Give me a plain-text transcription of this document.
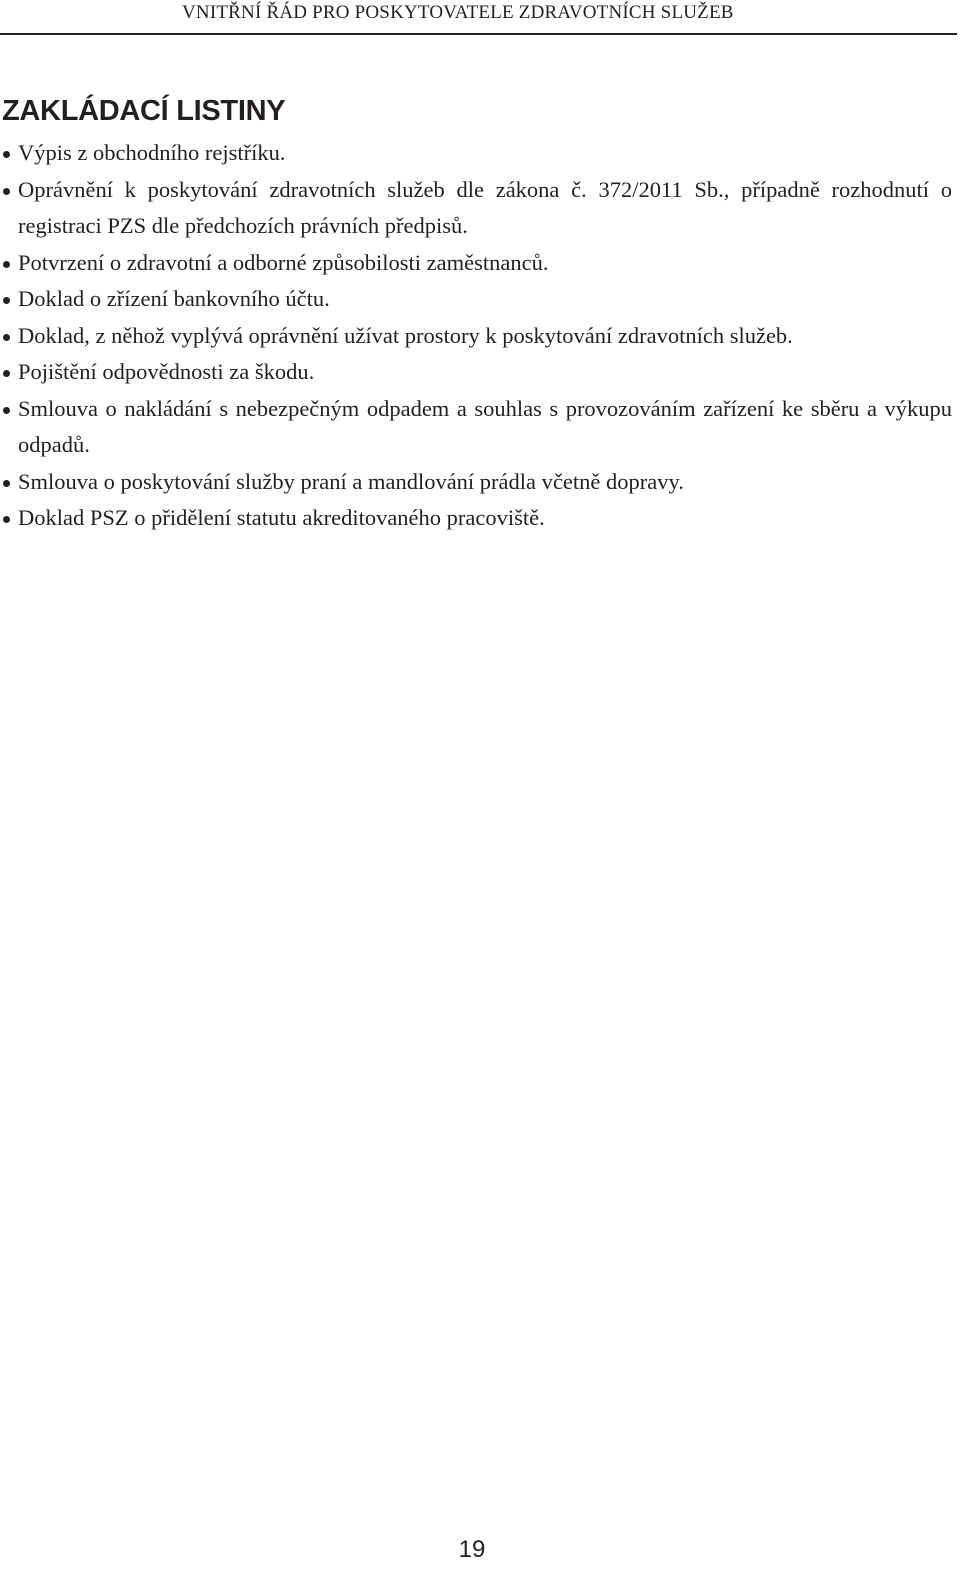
VNITŘNÍ ŘÁD PRO POSKYTOVATELE ZDRAVOTNÍCH SLUŽEB
ZAKLÁDACÍ LISTINY
Výpis z obchodního rejstříku.
Oprávnění k poskytování zdravotních služeb dle zákona č. 372/2011 Sb., případně rozhodnutí o registraci PZS dle předchozích právních předpisů.
Potvrzení o zdravotní a odborné způsobilosti zaměstnanců.
Doklad o zřízení bankovního účtu.
Doklad, z něhož vyplývá oprávnění užívat prostory k poskytování zdravotních služeb.
Pojištění odpovědnosti za škodu.
Smlouva o nakládání s nebezpečným odpadem a souhlas s provozováním zařízení ke sběru a výkupu odpadů.
Smlouva o poskytování služby praní a mandlování prádla včetně dopravy.
Doklad PSZ o přidělení statutu akreditovaného pracoviště.
19
